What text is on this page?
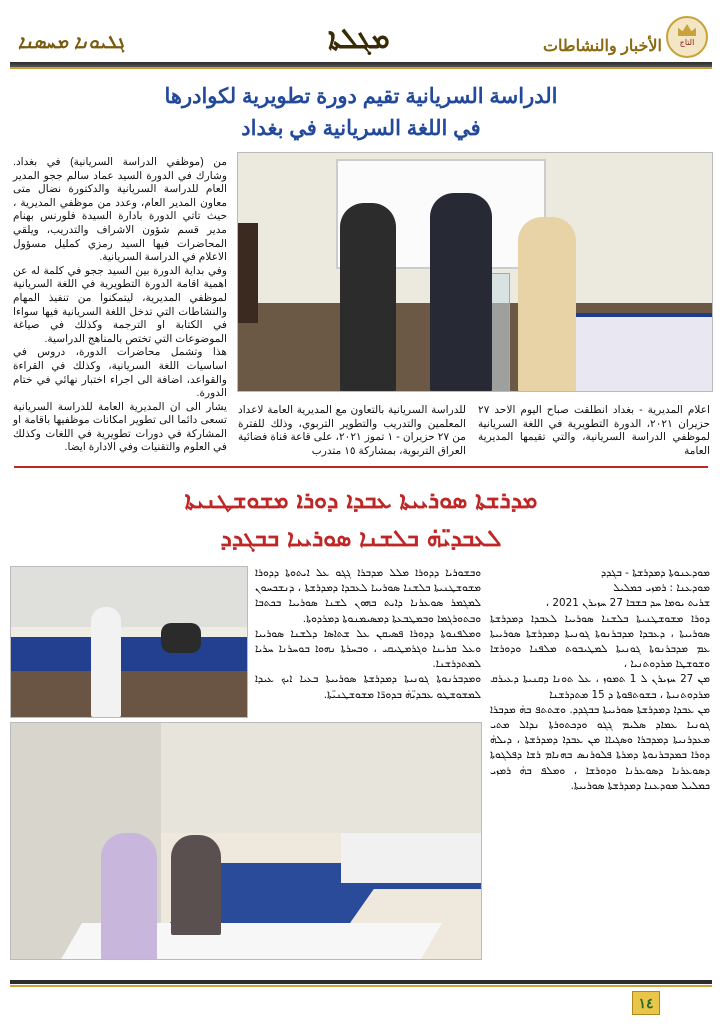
ܓܠܝܘܢܐ ܡܚܣܢܐ	ܡܓܠܬܐ	الأخبار والنشاطات	التاج
الدراسة السريانية تقيم دورة تطويرية لكوادرها
في اللغة السريانية في بغداد

من (موظفي الدراسة السريانية) في بغداد. وشارك في الدورة السيد عماد سالم ججو المدير العام للدراسة السريانية والدكتورة نضال متى معاون المدير العام، وعدد من موظفي المديرية ، حيث تاتي الدورة بادارة السيدة فلورنس بهنام مدير قسم شؤون الاشراف والتدريب، ويلقي المحاضرات فيها السيد رمزي كمليل مسؤول الاعلام في الدراسة السريانية.

وفي بداية الدورة بين السيد ججو في كلمة له عن اهمية اقامة الدورة التطويرية في اللغة السريانية لموظفي المديرية، ليتمكنوا من تنفيذ المهام والنشاطات التي تدخل اللغة السريانية فيها سواءا في الكتابة او الترجمة وكذلك في صياغة الموضوعات التي تختص بالمناهج الدراسية.

هذا وتشمل محاضرات الدورة، دروس في اساسيات اللغة السريانية، وكذلك في القراءة والقواعد، اضافة الى اجراء اختبار نهائي في ختام الدورة.

يشار الى ان المديرية العامة للدراسة السريانية تسعى دائما الى تطوير امكانات موظفيها باقامة او المشاركة في دورات تطويرية في اللغات وكذلك في العلوم والتقنيات وفي الادارة ايضا.

للدراسة السريانية بالتعاون مع المديرية العامة لاعداد المعلمين والتدريب والتطوير التربوي، وذلك للفترة من ٢٧ حزيران - ١ تموز ٢٠٢١، على قاعة قناة فضائية العراق التربوية، بمشاركة ١٥ متدرب

اعلام المديرية - بغداد انطلقت صباح اليوم الاحد ٢٧ حزيران ٢٠٢١، الدورة التطويرية في اللغة السريانية لموظفي الدراسة السريانية، والتي تقيمها المديرية العامة

ܡܕܪܫܬܐ ܣܘܪܝܝܬܐ ܥܒܕܐ ܕܘܪܐ ܡܫܘܫܛܢܝܬܐ
ܠܥܒܕܝ̈ܗ̇ ܒܠܫܢܐ ܣܘܪܝܝܐ ܒܒܓܕܕ

ܘܒܫܘܪܝܐ ܕܕܘܪܐ ܡܠܠ ܡܕܒܪܐ ܓܓܘ ܥܠ ܐܝܬܘܬܐ ܕܕܘܪܐ ܡܫܘܫܛܢܝܬܐ ܒܠܫܢܐ ܣܘܪܝܝܐ ܠܥܒܕܐ ܕܡܕܪܫܬܐ ، ܕܢܫܟܚܘܢ ܠܡܓܡܪ ܣܘܥܪܢܐ ܕܐܝܬ ܒܗܘܢ ܠܫܢܐ ܣܘܪܝܝܐ ܒܟܬܒܐ ܘܒܬܘܪܓܡܐ ܘܒܡܛܒܥܬܐ ܕܡܣܝܡܢܘܬܐ ܕܡܪܕܘܬܐ.

ܘܡܠܦܢܘܬܐ ܕܕܘܪܐ ܦܣܝܩܢ ܥܠ ܫܬܐܣܐ ܕܠܫܢܐ ܣܘܪܝܝܐ ܘܥܠ ܩܪܝܢܐ ܘܓܪܡܛܝܩܝ ، ܘܒܚܪܬܐ ܢܗܘܐ ܒܘܚܪܢܐ ܚܪܝܐ ܠܡܬܕܪܫܢܐ.

ܘܡܕܒܪܢܘܬܐ ܓܘܢܝܬܐ ܕܡܕܪܫܬܐ ܣܘܪܝܝܬܐ ܒܥܝܐ ܐܝܟ ܥܝܕܐ ܠܡܫܘܫܛܘ ܥܒܕܝ̈ܗ̇ ܒܕܘܪ̈ܐ ܡܫܘܫܛܢܝ̈ܬܐ.

ܡܘܕܥܢܘܬܐ ܕܡܕܪܫܬܐ - ܒܓܕܕ

ܡܘܕܥܢܐ : ܪܡܙܝ ܟܡܠܝܠ

ܫܪܝܬ ܝܘܡܐ ܚܕ ܒܫܒܐ 27 ܚܙܝܪܢ 2021 ،

ܕܘܪܐ ܡܫܘܫܛܢܝܬܐ ܒܠܫܢܐ ܣܘܪܝܝܐ ܠܥܒܕܐ ܕܡܕܪܫܬܐ ܣܘܪܝܝܬܐ ، ܕܥܒܕܐ ܡܕܒܪܢܘܬܐ ܓܘܢܝܬܐ ܕܡܕܪܫܬܐ ܣܘܪܝܝܬܐ ܥܡ ܡܕܒܪܢܘܬܐ ܓܘܢܝܬܐ ܠܡܛܝܒܘܬ ܡܠܦܢܐ ܘܕܘܪܫܐ ܘܫܘܫܛܐ ܡܪܕܘܬܢܝܐ ،

ܡܢ 27 ܚܙܝܪܢ ܠ 1 ܬܡܘܙ ، ܥܠ ܬܘܢܐ ܕܩܢܝܬܐ ܕܥܝܪܩ ܡܪܕܘܬܢܝܬܐ ، ܒܫܘܬܦܘܬܐ ܕ 15 ܡܬܕܪܫܢܐ

ܡܢ ܥܒܕܐ ܕܡܕܪܫܬܐ ܣܘܪܝܝܬܐ ܒܒܓܕܕ. ܘܫܬܬܦ ܒܗ̇ ܡܕܒܪܐ ܓܘܢܝܐ ܥܡܐܕ ܣܠܝܡ ܓܓܘ ܘܕܟܬܘܪܬܐ ܢܕܐܠ ܡܬܝ ܡܥܕܪܢܝܬܐ ܕܡܕܒܪܐ ܘܣܓܝܐܐ ܡܢ ܥܒܕܐ ܕܡܕܪܫܬܐ ، ܕܝܠܗ̇ ܕܘܪܐ ܒܡܕܒܪܢܘܬܐ ܕܡܪܬܐ ܦܠܘܪܢܣ ܒܗܢܐܡ ܪܫܐ ܕܦܠܓܘܬܐ ܕܣܘܥܪܢܐ ܕܣܘܥܪܢܐ ܘܕܘܪܫܐ ، ܘܡܠܦ ܒܗ̇ ܪܡܙܝ ܟܡܠܝܠ ܡܘܕܥܢܐ ܕܡܕܪܫܬܐ ܣܘܪܝܝܬܐ.

١٤
